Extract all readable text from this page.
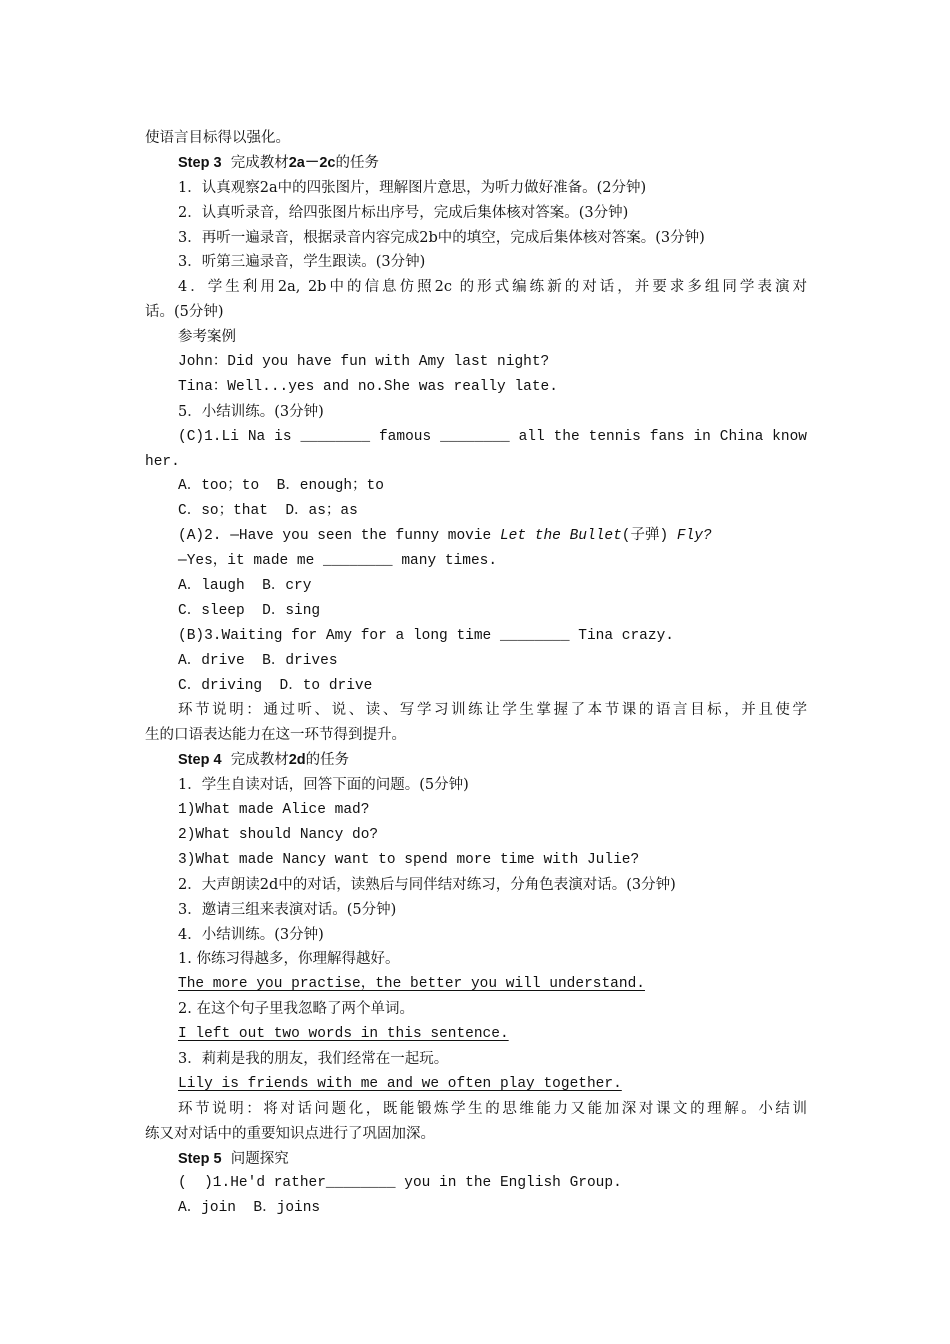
使语言目标得以强化。
Step 3  完成教材2a－2c的任务
1．认真观察2a中的四张图片，理解图片意思，为听力做好准备。(2分钟)
2．认真听录音，给四张图片标出序号，完成后集体核对答案。(3分钟)
3．再听一遍录音，根据录音内容完成2b中的填空，完成后集体核对答案。(3分钟)
3．听第三遍录音，学生跟读。(3分钟)
4．学生利用2a, 2b中的信息仿照2c 的形式编练新的对话，并要求多组同学表演对
话。(5分钟)
参考案例
John：Did you have fun with Amy last night?
Tina：Well...yes and no.She was really late.
5．小结训练。(3分钟)
(C)1.Li Na is ________ famous ________ all the tennis fans in China know
her.
A．too；to  B．enough；to
C．so；that  D．as；as
(A)2. —Have you seen the funny movie Let the Bullet(子弹) Fly?
—Yes，it made me ________ many times.
A．laugh  B．cry
C．sleep  D．sing
(B)3.Waiting for Amy for a long time ________ Tina crazy.
A．drive  B．drives
C．driving  D．to drive
环节说明：通过听、说、读、写学习训练让学生掌握了本节课的语言目标，并且使学
生的口语表达能力在这一环节得到提升。
Step 4  完成教材2d的任务
1．学生自读对话，回答下面的问题。(5分钟)
1)What made Alice mad?
2)What should Nancy do?
3)What made Nancy want to spend more time with Julie?
2．大声朗读2d中的对话，读熟后与同伴结对练习，分角色表演对话。(3分钟)
3．邀请三组来表演对话。(5分钟)
4．小结训练。(3分钟)
1. 你练习得越多，你理解得越好。
The more you practise，the better you will understand.
2. 在这个句子里我忽略了两个单词。
I left out two words in this sentence.
3．莉莉是我的朋友，我们经常在一起玩。
Lily is friends with me and we often play together.
环节说明：将对话问题化，既能锻炼学生的思维能力又能加深对课文的理解。小结训
练又对对话中的重要知识点进行了巩固加深。
Step 5  问题探究
(  )1.He'd rather________ you in the English Group.
A．join  B．joins
